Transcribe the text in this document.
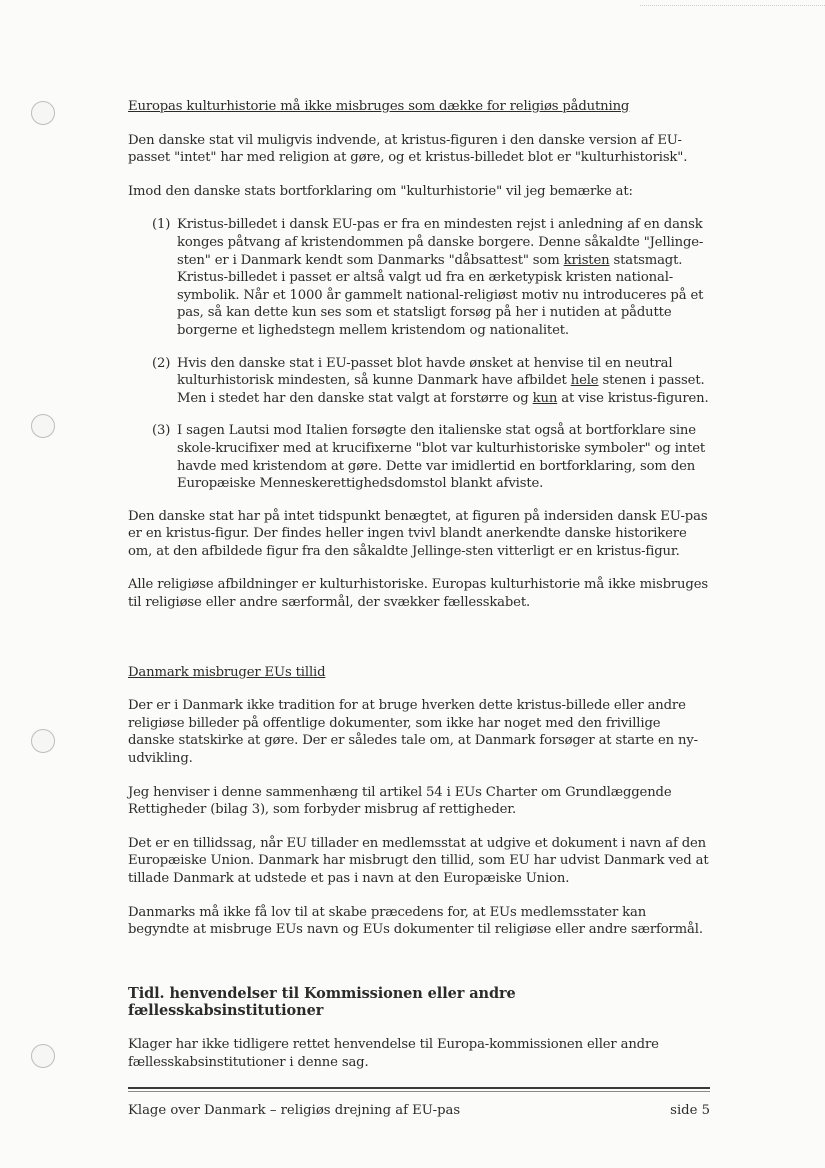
Europas kulturhistorie må ikke misbruges som dække for religiøs pådutning

Den danske stat vil muligvis indvende, at kristus-figuren i den danske version af EU-passet "intet" har med religion at gøre, og et kristus-billedet blot er "kulturhistorisk".

Imod den danske stats bortforklaring om "kulturhistorie" vil jeg bemærke at:

(1) Kristus-billedet i dansk EU-pas er fra en mindesten rejst i anledning af en dansk konges påtvang af kristendommen på danske borgere. Denne såkaldte "Jellinge-sten" er i Danmark kendt som Danmarks "dåbsattest" som kristen statsmagt. Kristus-billedet i passet er altså valgt ud fra en ærketypisk kristen national-symbolik. Når et 1000 år gammelt national-religiøst motiv nu introduceres på et pas, så kan dette kun ses som et statsligt forsøg på her i nutiden at pådutte borgerne et lighedstegn mellem kristendom og nationalitet.
(2) Hvis den danske stat i EU-passet blot havde ønsket at henvise til en neutral kulturhistorisk mindesten, så kunne Danmark have afbildet hele stenen i passet. Men i stedet har den danske stat valgt at forstørre og kun at vise kristus-figuren.
(3) I sagen Lautsi mod Italien forsøgte den italienske stat også at bortforklare sine skole-krucifixer med at krucifixerne "blot var kulturhistoriske symboler" og intet havde med kristendom at gøre. Dette var imidlertid en bortforklaring, som den Europæiske Menneskerettighedsdomstol blankt afviste.

Den danske stat har på intet tidspunkt benægtet, at figuren på indersiden dansk EU-pas er en kristus-figur. Der findes heller ingen tvivl blandt anerkendte danske historikere om, at den afbildede figur fra den såkaldte Jellinge-sten vitterligt er en kristus-figur.

Alle religiøse afbildninger er kulturhistoriske. Europas kulturhistorie må ikke misbruges til religiøse eller andre særformål, der svækker fællesskabet.

Danmark misbruger EUs tillid

Der er i Danmark ikke tradition for at bruge hverken dette kristus-billede eller andre religiøse billeder på offentlige dokumenter, som ikke har noget med den frivillige danske statskirke at gøre. Der er således tale om, at Danmark forsøger at starte en ny-udvikling.

Jeg henviser i denne sammenhæng til artikel 54 i EUs Charter om Grundlæggende Rettigheder (bilag 3), som forbyder misbrug af rettigheder.

Det er en tillidssag, når EU tillader en medlemsstat at udgive et dokument i navn af den Europæiske Union. Danmark har misbrugt den tillid, som EU har udvist Danmark ved at tillade Danmark at udstede et pas i navn at den Europæiske Union.

Danmarks må ikke få lov til at skabe præcedens for, at EUs medlemsstater kan begyndte at misbruge EUs navn og EUs dokumenter til religiøse eller andre særformål.

Tidl. henvendelser til Kommissionen eller andre fællesskabsinstitutioner

Klager har ikke tidligere rettet henvendelse til Europa-kommissionen eller andre fællesskabsinstitutioner i denne sag.

Klage over Danmark – religiøs drejning af EU-pas	side 5
